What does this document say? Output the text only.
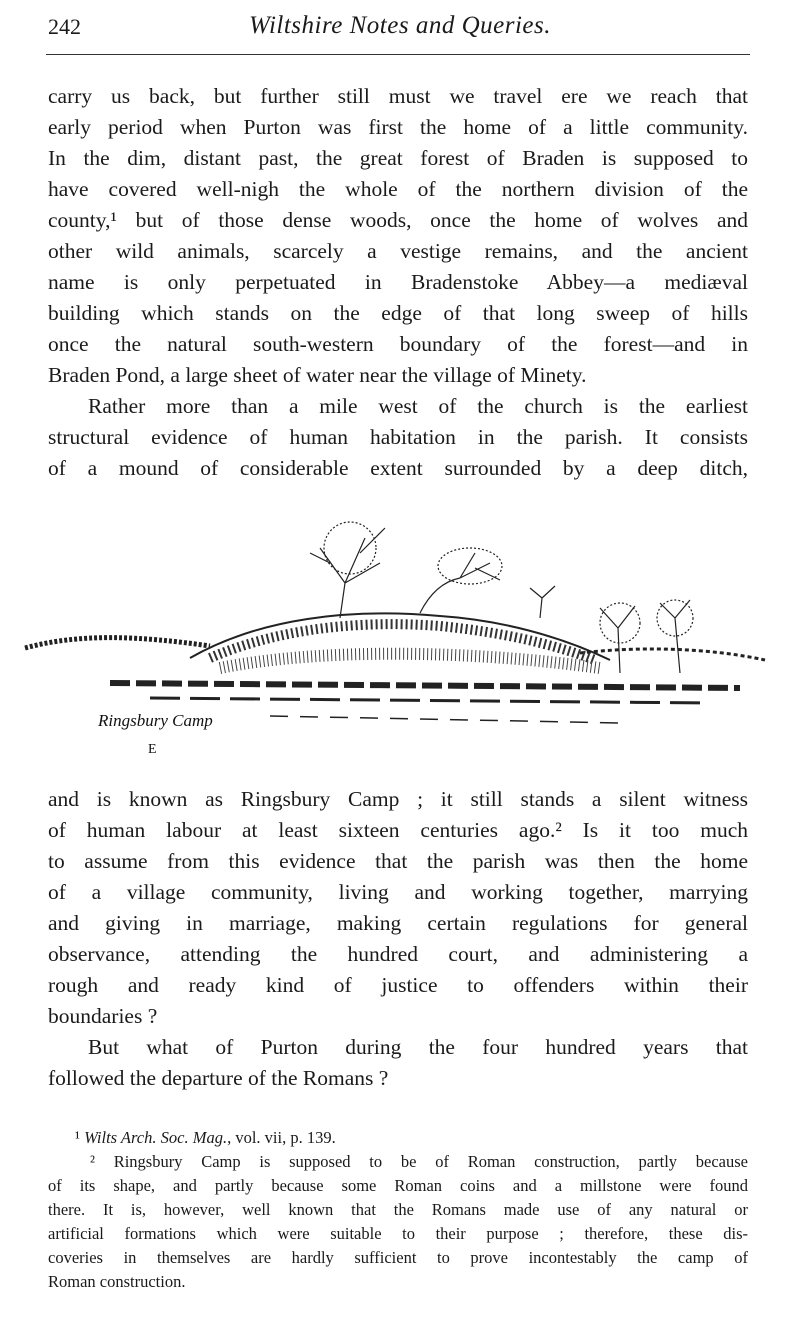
242	Wiltshire Notes and Queries.
carry us back, but further still must we travel ere we reach that
early period when Purton was first the home of a little community.
In the dim, distant past, the great forest of Braden is supposed to
have covered well-nigh the whole of the northern division of the
county,¹ but of those dense woods, once the home of wolves and
other wild animals, scarcely a vestige remains, and the ancient
name is only perpetuated in Bradenstoke Abbey—a mediæval
building which stands on the edge of that long sweep of hills
once the natural south-western boundary of the forest—and in
Braden Pond, a large sheet of water near the village of Minety.
Rather more than a mile west of the church is the earliest
structural evidence of human habitation in the parish. It consists
of a mound of considerable extent surrounded by a deep ditch,
Ringsbury Camp
E
and is known as Ringsbury Camp ; it still stands a silent witness
of human labour at least sixteen centuries ago.² Is it too much
to assume from this evidence that the parish was then the home
of a village community, living and working together, marrying
and giving in marriage, making certain regulations for general
observance, attending the hundred court, and administering a
rough and ready kind of justice to offenders within their
boundaries ?
But what of Purton during the four hundred years that
followed the departure of the Romans ?
¹ Wilts Arch. Soc. Mag., vol. vii, p. 139.
² Ringsbury Camp is supposed to be of Roman construction, partly because
of its shape, and partly because some Roman coins and a millstone were found
there. It is, however, well known that the Romans made use of any natural or
artificial formations which were suitable to their purpose ; therefore, these dis-
coveries in themselves are hardly sufficient to prove incontestably the camp of
Roman construction.
